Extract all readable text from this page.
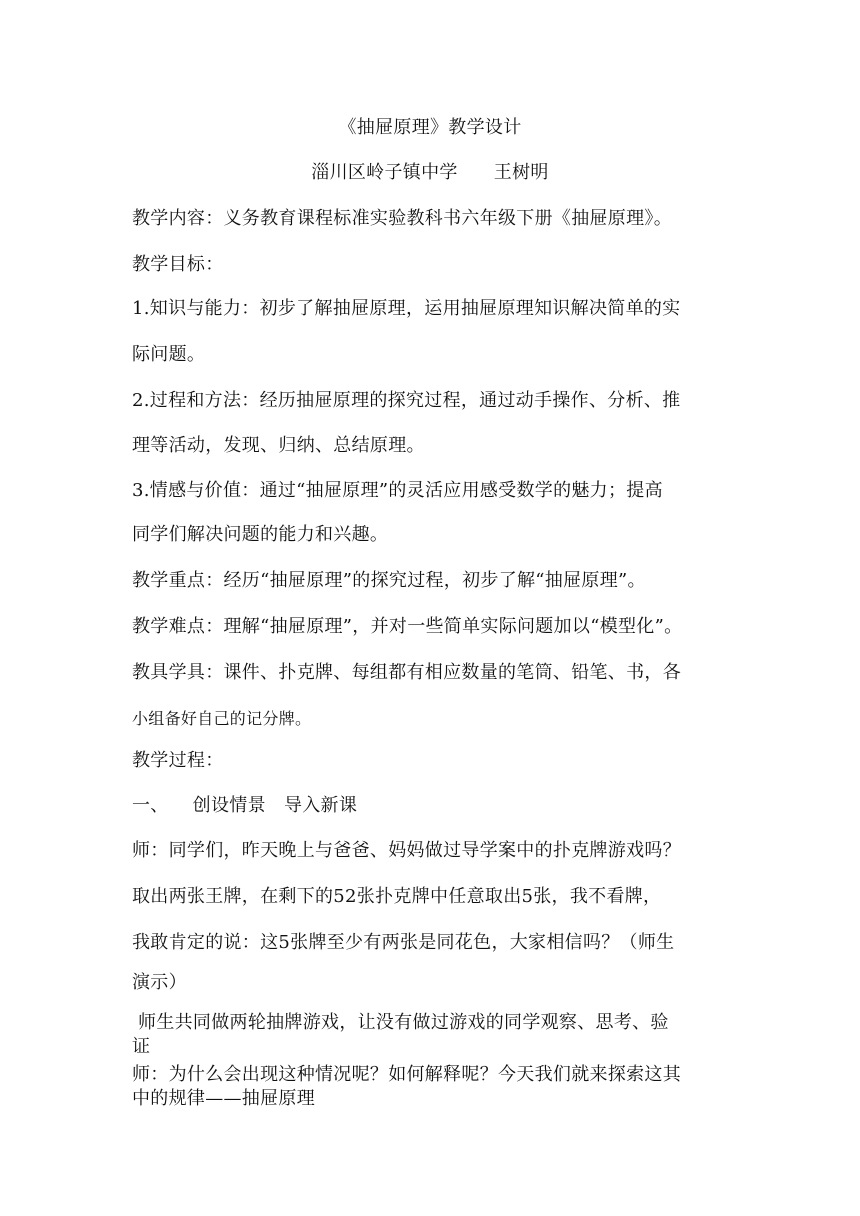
《抽屉原理》教学设计

淄川区岭子镇中学      王树明

教学内容：义务教育课程标准实验教科书六年级下册《抽屉原理》。

教学目标：

1.知识与能力：初步了解抽屉原理，运用抽屉原理知识解决简单的实

际问题。

2.过程和方法：经历抽屉原理的探究过程，通过动手操作、分析、推

理等活动，发现、归纳、总结原理。

3.情感与价值：通过“抽屉原理”的灵活应用感受数学的魅力；提高

同学们解决问题的能力和兴趣。

教学重点：经历“抽屉原理”的探究过程，初步了解“抽屉原理”。

教学难点：理解“抽屉原理”，并对一些简单实际问题加以“模型化”。

教具学具：课件、扑克牌、每组都有相应数量的笔筒、铅笔、书，各

小组备好自己的记分牌。

教学过程：

一、    创设情景   导入新课

师：同学们，昨天晚上与爸爸、妈妈做过导学案中的扑克牌游戏吗？

取出两张王牌，在剩下的52张扑克牌中任意取出5张，我不看牌，

我敢肯定的说：这5张牌至少有两张是同花色，大家相信吗？（师生

演示）

师生共同做两轮抽牌游戏，让没有做过游戏的同学观察、思考、验

证

师：为什么会出现这种情况呢？如何解释呢？今天我们就来探索这其

中的规律——抽屉原理
